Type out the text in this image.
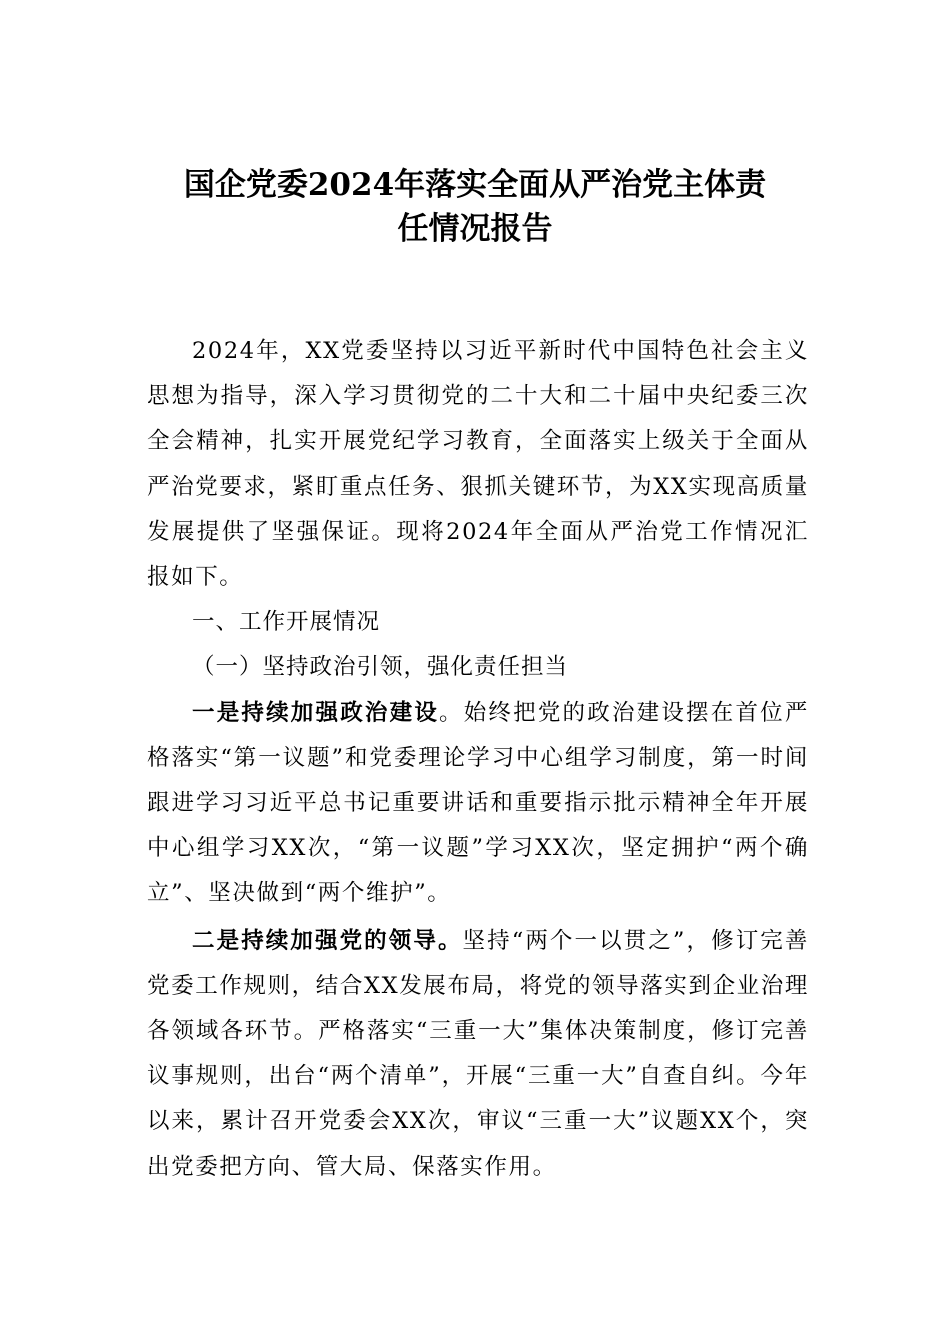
国企党委2024年落实全面从严治党主体责
任情况报告

2024年，XX党委坚持以习近平新时代中国特色社会主义思想为指导，深入学习贯彻党的二十大和二十届中央纪委三次全会精神，扎实开展党纪学习教育，全面落实上级关于全面从严治党要求，紧盯重点任务、狠抓关键环节，为XX实现高质量发展提供了坚强保证。现将2024年全面从严治党工作情况汇报如下。

一、工作开展情况

（一）坚持政治引领，强化责任担当

一是持续加强政治建设。始终把党的政治建设摆在首位严格落实“第一议题”和党委理论学习中心组学习制度，第一时间跟进学习习近平总书记重要讲话和重要指示批示精神全年开展中心组学习XX次，“第一议题”学习XX次，坚定拥护“两个确立”、坚决做到“两个维护”。

二是持续加强党的领导。坚持“两个一以贯之”，修订完善党委工作规则，结合XX发展布局，将党的领导落实到企业治理各领域各环节。严格落实“三重一大”集体决策制度，修订完善议事规则，出台“两个清单”，开展“三重一大”自查自纠。今年以来，累计召开党委会XX次，审议“三重一大”议题XX个，突出党委把方向、管大局、保落实作用。
